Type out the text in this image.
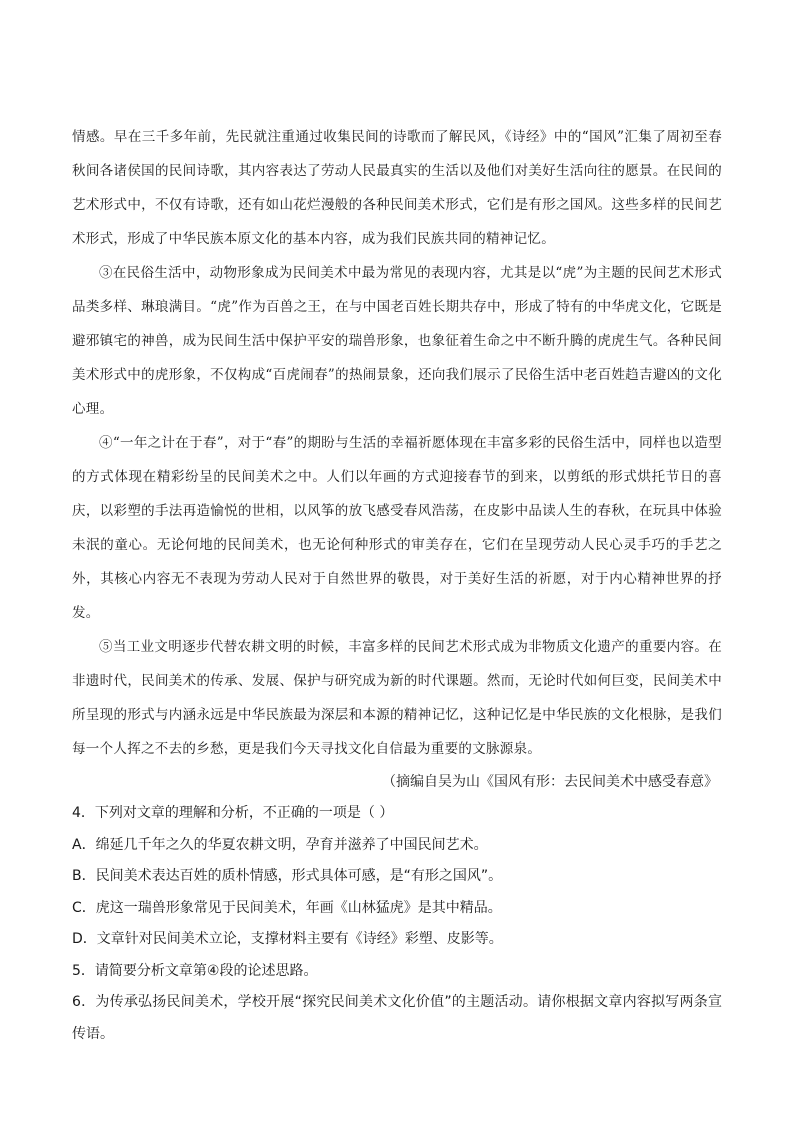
情感。早在三千多年前，先民就注重通过收集民间的诗歌而了解民风，《诗经》中的“国风”汇集了周初至春秋间各诸侯国的民间诗歌，其内容表达了劳动人民最真实的生活以及他们对美好生活向往的愿景。在民间的艺术形式中，不仅有诗歌，还有如山花烂漫般的各种民间美术形式，它们是有形之国风。这些多样的民间艺术形式，形成了中华民族本原文化的基本内容，成为我们民族共同的精神记忆。

③在民俗生活中，动物形象成为民间美术中最为常见的表现内容，尤其是以“虎”为主题的民间艺术形式品类多样、琳琅满目。“虎”作为百兽之王，在与中国老百姓长期共存中，形成了特有的中华虎文化，它既是避邪镇宅的神兽，成为民间生活中保护平安的瑞兽形象，也象征着生命之中不断升腾的虎虎生气。各种民间美术形式中的虎形象，不仅构成“百虎闹春”的热闹景象，还向我们展示了民俗生活中老百姓趋吉避凶的文化心理。

④“一年之计在于春”，对于“春”的期盼与生活的幸福祈愿体现在丰富多彩的民俗生活中，同样也以造型的方式体现在精彩纷呈的民间美术之中。人们以年画的方式迎接春节的到来，以剪纸的形式烘托节日的喜庆，以彩塑的手法再造愉悦的世相，以风筝的放飞感受春风浩荡，在皮影中品读人生的春秋，在玩具中体验未泯的童心。无论何地的民间美术，也无论何种形式的审美存在，它们在呈现劳动人民心灵手巧的手艺之外，其核心内容无不表现为劳动人民对于自然世界的敬畏，对于美好生活的祈愿，对于内心精神世界的抒发。

⑤当工业文明逐步代替农耕文明的时候，丰富多样的民间艺术形式成为非物质文化遗产的重要内容。在非遗时代，民间美术的传承、发展、保护与研究成为新的时代课题。然而，无论时代如何巨变，民间美术中所呈现的形式与内涵永远是中华民族最为深层和本源的精神记忆，这种记忆是中华民族的文化根脉，是我们每一个人挥之不去的乡愁，更是我们今天寻找文化自信最为重要的文脉源泉。

（摘编自吴为山《国风有形：去民间美术中感受春意》

4．下列对文章的理解和分析，不正确的一项是（ ）

A．绵延几千年之久的华夏农耕文明，孕育并滋养了中国民间艺术。

B．民间美术表达百姓的质朴情感，形式具体可感，是“有形之国风”。

C．虎这一瑞兽形象常见于民间美术，年画《山林猛虎》是其中精品。

D．文章针对民间美术立论，支撑材料主要有《诗经》彩塑、皮影等。

5．请简要分析文章第④段的论述思路。

6．为传承弘扬民间美术，学校开展“探究民间美术文化价值”的主题活动。请你根据文章内容拟写两条宣传语。
